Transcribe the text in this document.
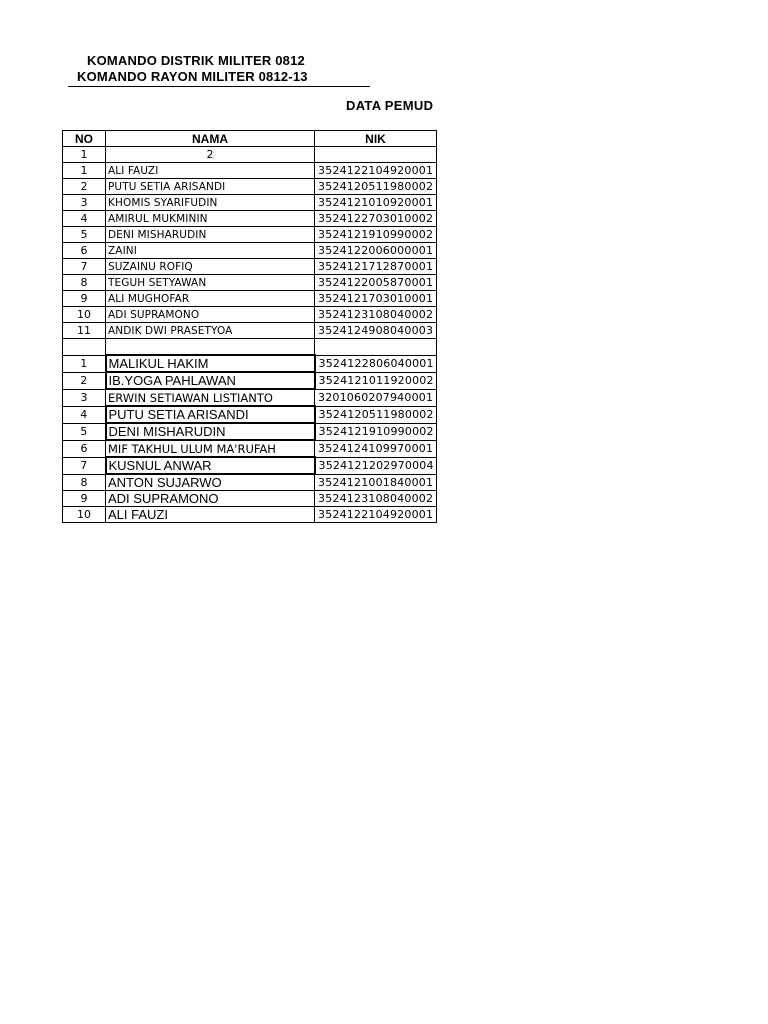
KOMANDO DISTRIK MILITER 0812
KOMANDO RAYON MILITER 0812-13
DATA PEMUD
NO	NAMA	NIK
1	2	
1	ALI FAUZI	3524122104920001
2	PUTU SETIA ARISANDI	3524120511980002
3	KHOMIS SYARIFUDIN	3524121010920001
4	AMIRUL MUKMININ	3524122703010002
5	DENI MISHARUDIN	3524121910990002
6	ZAINI	3524122006000001
7	SUZAINU ROFIQ	3524121712870001
8	TEGUH SETYAWAN	3524122005870001
9	ALI MUGHOFAR	3524121703010001
10	ADI SUPRAMONO	3524123108040002
11	ANDIK DWI PRASETYOA	3524124908040003

1	MALIKUL HAKIM	3524122806040001
2	IB.YOGA PAHLAWAN	3524121011920002
3	ERWIN SETIAWAN LISTIANTO	3201060207940001
4	PUTU SETIA ARISANDI	3524120511980002
5	DENI MISHARUDIN	3524121910990002
6	MIF TAKHUL ULUM MA'RUFAH	3524124109970001
7	KUSNUL ANWAR	3524121202970004
8	ANTON SUJARWO	3524121001840001
9	ADI SUPRAMONO	3524123108040002
10	ALI FAUZI	3524122104920001
